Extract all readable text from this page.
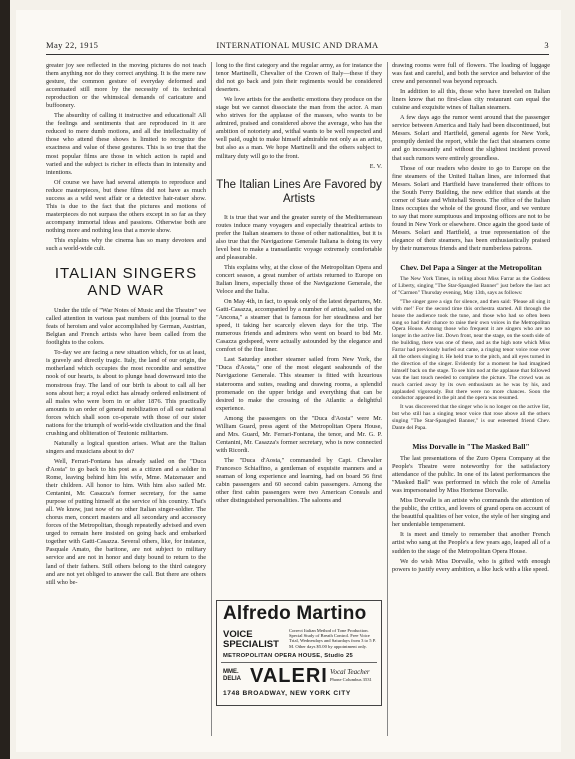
May 22, 1915	INTERNATIONAL MUSIC AND DRAMA	3

greater joy see reflected in the moving pictures do not teach them anything nor do they correct anything. It is the mere raw gesture, the common gesture of everyday deformed and accentuated still more by the necessity of its technical reproduction or the whimsical demands of caricature and buffoonery.

The absurdity of calling it instructive and educational! All the feelings and sentiments that are reproduced in it are reduced to mere dumb motions, and all the intellectuality of those who attend these shows is limited to recognize the exactness and value of these gestures. This is so true that the most popular films are those in which action is rapid and varied and the subject is richer in effects than in intensity and intentions.

Of course we have had several attempts to reproduce and reduce masterpieces, but these films did not have as much success as a wild west affair or a detective hair-raiser show. This is due to the fact that the pictures and motions of masterpieces do not surpass the others except in so far as they accompany immortal ideas and passions. Otherwise both are nothing more and nothing less that a movie show.

This explains why the cinema has so many devotees and such a world-wide cult.

ITALIAN SINGERS AND WAR

Under the title of "War Notes of Music and the Theatre" we called attention in various past numbers of this journal to the feats of heroism and valor accomplished by German, Austrian, Belgian and French artists who have been called from the footlights to the colors.

To-day we are facing a new situation which, for us at least, is gravely and directly tragic. Italy, the land of our origin, the motherland which occupies the most recondite and sensitive nook of our hearts, is about to plunge head downward into the monstrous fray. The land of our birth is about to call all her sons about her; a royal edict has already ordered enlistment of all males who were born in or after 1876. This practically amounts to an order of general mobilization of all our national forces which shall soon co-operate with those of our sister nations for the triumph of world-wide civilization and the final crushing and obliteration of Teutonic militarism.

Naturally a logical question arises. What are the Italian singers and musicians about to do?

Well, Ferrari-Fontana has already sailed on the "Duca d'Aosta" to go back to his post as a citizen and a soldier in Rome, leaving behind him his wife, Mme. Matzenauer and their children. All honor to him. With him also sailed Mr. Centanini, Mr. Casazza's former secretary, for the same purpose of putting himself at the service of his country. That's all. We know, just now of no other Italian singer-soldier. The chorus men, concert masters and all secondary and accessory forces of the Metropolitan, though repeatedly advised and even urged to remain here insisted on going back and embarked together with Gatti-Casazza. Several others, like, for instance, Pasquale Amato, the baritone, are not subject to military service and are not in honor and duty bound to return to the land of their fathers. Still others belong to the third category and are not yet obliged to answer the call. But there are others still who be-

long to the first category and the regular army, as for instance the tenor Martinelli, Chevalier of the Crown of Italy—these if they did not go back and join their regiments would be considered deserters.

We love artists for the aesthetic emotions they produce on the stage but we cannot dissociate the man from the actor. A man who strives for the applause of the masses, who wants to be admired, praised and considered above the average, who has the ambition of notoriety and, withal wants to be well respected and well paid, ought to make himself admirable not only as an artist, but also as a man. We hope Martinelli and the others subject to military duty will go to the front.

E. V.
The Italian Lines Are Favored by Artists

It is true that war and the greater surety of the Mediterranean routes induce many voyagers and especially theatrical artists to prefer the Italian steamers to those of other nationalities, but it is also true that the Navigazione Generale Italiana is doing its very level best to make a transatlantic voyage extremely comfortable and pleasurable.

This explains why, at the close of the Metropolitan Opera and concert season, a great number of artists returned to Europe on Italian liners, especially those of the Navigazione Generale, the Veloce and the Italia.

On May 4th, in fact, to speak only of the latest departures, Mr. Gatti-Casazza, accompanied by a number of artists, sailed on the "Ancona," a steamer that is famous for her steadiness and her speed, it taking her scarcely eleven days for the trip. The numerous friends and admirers who went on board to bid Mr. Casazza godspeed, were actually astounded by the elegance and comfort of the fine liner.

Last Saturday another steamer sailed from New York, the "Duca d'Aosta," one of the most elegant seahounds of the Navigazione Generale. This steamer is fitted with luxurious staterooms and suites, reading and drawing rooms, a splendid promenade on the upper bridge and everything that can be desired to make the crossing of the Atlantic a delightful experience.

Among the passengers on the "Duca d'Aosta" were Mr. William Guard, press agent of the Metropolitan Opera House, and Mrs. Guard, Mr. Ferrari-Fontana, the tenor, and Mr. G. P. Centanini, Mr. Casazza's former secretary, who is now connected with Ricordi.

The "Duca d'Aosta," commanded by Capt. Chevalier Francesco Schiaffino, a gentleman of exquisite manners and a seaman of long experience and learning, had on board 56 first cabin passengers and 60 second cabin passengers. Among the other first cabin passengers were two American Consuls and other distinguished personalities. The saloons and

drawing rooms were full of flowers. The loading of luggage was fast and careful, and both the service and behavior of the crew and personnel was beyond reproach.

In addition to all this, those who have traveled on Italian liners know that no first-class city restaurant can equal the cuisine and exquisite wines of Italian steamers.

A few days ago the rumor went around that the passenger service between America and Italy had been discontinued, but Messrs. Solari and Hartfield, general agents for New York, promptly denied the report, while the fact that steamers come and go incessantly and without the slightest incident proved that such rumors were entirely groundless.

Those of our readers who desire to go to Europe on the fine steamers of the United Italian lines, are informed that Messrs. Solari and Hartfield have transferred their offices to the South Ferry Building, the new edifice that stands at the corner of State and Whitehall Streets. The office of the Italian lines occupies the whole of the ground floor, and we venture to say that more sumptuous and imposing offices are not to be found in New York or elsewhere. Once again the good taste of Messrs. Solari and Hartfield, a true representation of the elegance of their steamers, has been enthusiastically praised by their numerous friends and their numberless patrons.

Chev. Del Papa a Singer at the Metropolitan

The New York Times, in telling about Miss Farrar as the Goddess of Liberty, singing "The Star-Spangled Banner" just before the last act of "Carmen" Thursday evening, May 13th, says as follows:

"The singer gave a sign for silence, and then said: 'Please all sing it with me!' For the second time this orchestra started. All through the house the audience took the tune, and those who had so often been sung so had their chance to raise their own voices in the Metropolitan Opera House. Among those who frequent it are singers who are no longer in the active list. Down front, near the stage, on the south side of the building, there was one of these, and as the high note which Miss Farrar had previously hurled out came, a ringing tenor voice rose over all the others singing it. He held true to the pitch, and all eyes turned in the direction of the singer. Evidently for a moment he had imagined himself back on the stage. To see him nod at the applause that followed was the last touch needed to complete the picture. The crowd was as much carried away by its own enthusiasm as he was by his, and applauded vigorously. But there were no more chances. Soon the conductor appeared in the pit and the opera was resumed.

It was discovered that the singer who is no longer on the active list, but who still has a singing tenor voice that rose above all the others singing "The Star-Spangled Banner," is our esteemed friend Chev. Dante del Papa.

Miss Dorvalle in "The Masked Ball"

The last presentations of the Zuro Opera Company at the People's Theatre were noteworthy for the satisfactory attendance of the public. In one of its latest performances the "Masked Ball" was performed in which the role of Amelia was impersonated by Miss Hortense Dorvalle.

Miss Dorvalle is an artiste who commands the attention of the public, the critics, and lovers of grand opera on account of the beautiful qualities of her voice, the style of her singing and her undeniable temperament.

It is meet and timely to remember that another French artist who sang at the People's a few years ago, leaped all of a sudden to the stage of the Metropolitan Opera House.

We do wish Miss Dorvalle, who is gifted with enough powers to justify every ambition, a like luck with a like speed.

Alfredo Martino
VOICE
SPECIALIST
Correct Italian Method of Tone Production. Special Study of Breath Control. Free Voice Trial, Wednesdays and Saturdays from 3 to 5 P. M. Other days $5.00 by appointment only.
METROPOLITAN OPERA HOUSE, Studio 25
MME.
DELIA VALERI Vocal Teacher
Phone Columbus 3531
1748 BROADWAY, NEW YORK CITY
